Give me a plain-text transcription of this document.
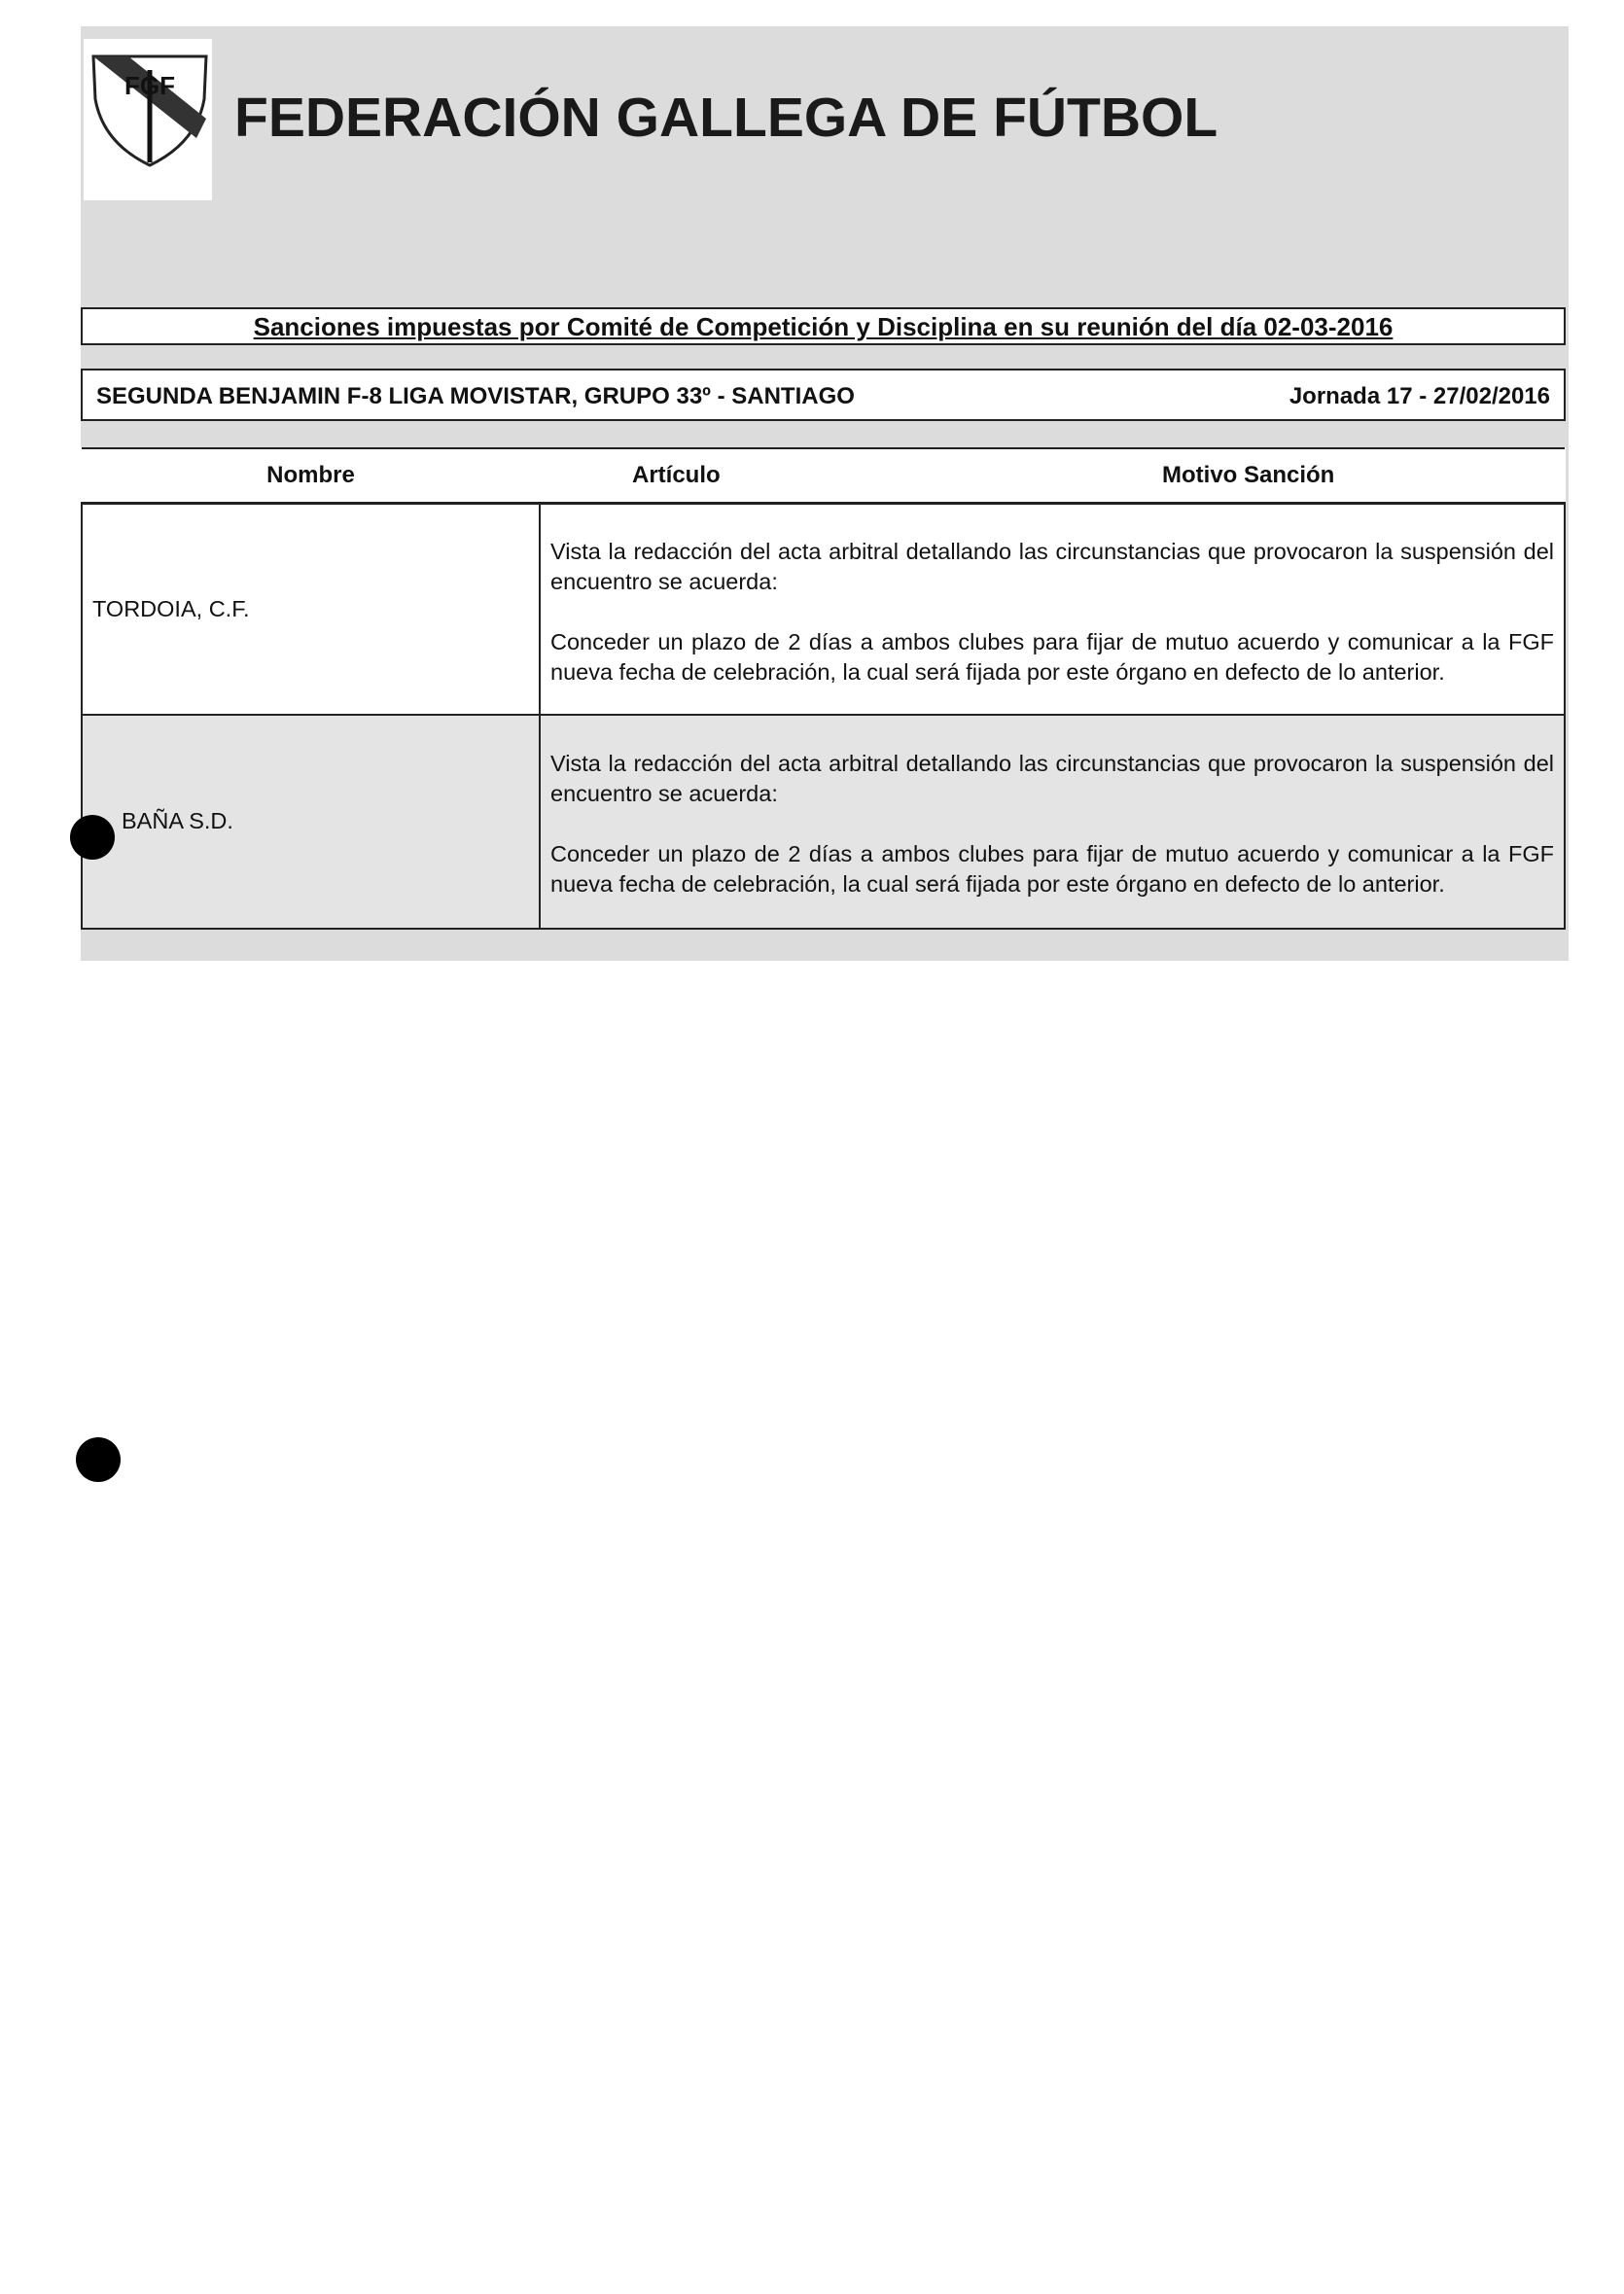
FGF
FEDERACIÓN GALLEGA DE FÚTBOL
Sanciones impuestas por Comité de Competición y Disciplina en su reunión del día 02-03-2016
SEGUNDA BENJAMIN F-8 LIGA MOVISTAR, GRUPO 33º - SANTIAGO	Jornada 17 - 27/02/2016
Nombre	Artículo Motivo Sanción

TORDOIA, C.F.	Vista la redacción del acta arbitral detallando las circunstancias que provocaron la suspensión del encuentro se acuerda:

Conceder un plazo de 2 días a ambos clubes para fijar de mutuo acuerdo y comunicar a la FGF nueva fecha de celebración, la cual será fijada por este órgano en defecto de lo anterior.

BAÑA S.D.	Vista la redacción del acta arbitral detallando las circunstancias que provocaron la suspensión del encuentro se acuerda:

Conceder un plazo de 2 días a ambos clubes para fijar de mutuo acuerdo y comunicar a la FGF nueva fecha de celebración, la cual será fijada por este órgano en defecto de lo anterior.
